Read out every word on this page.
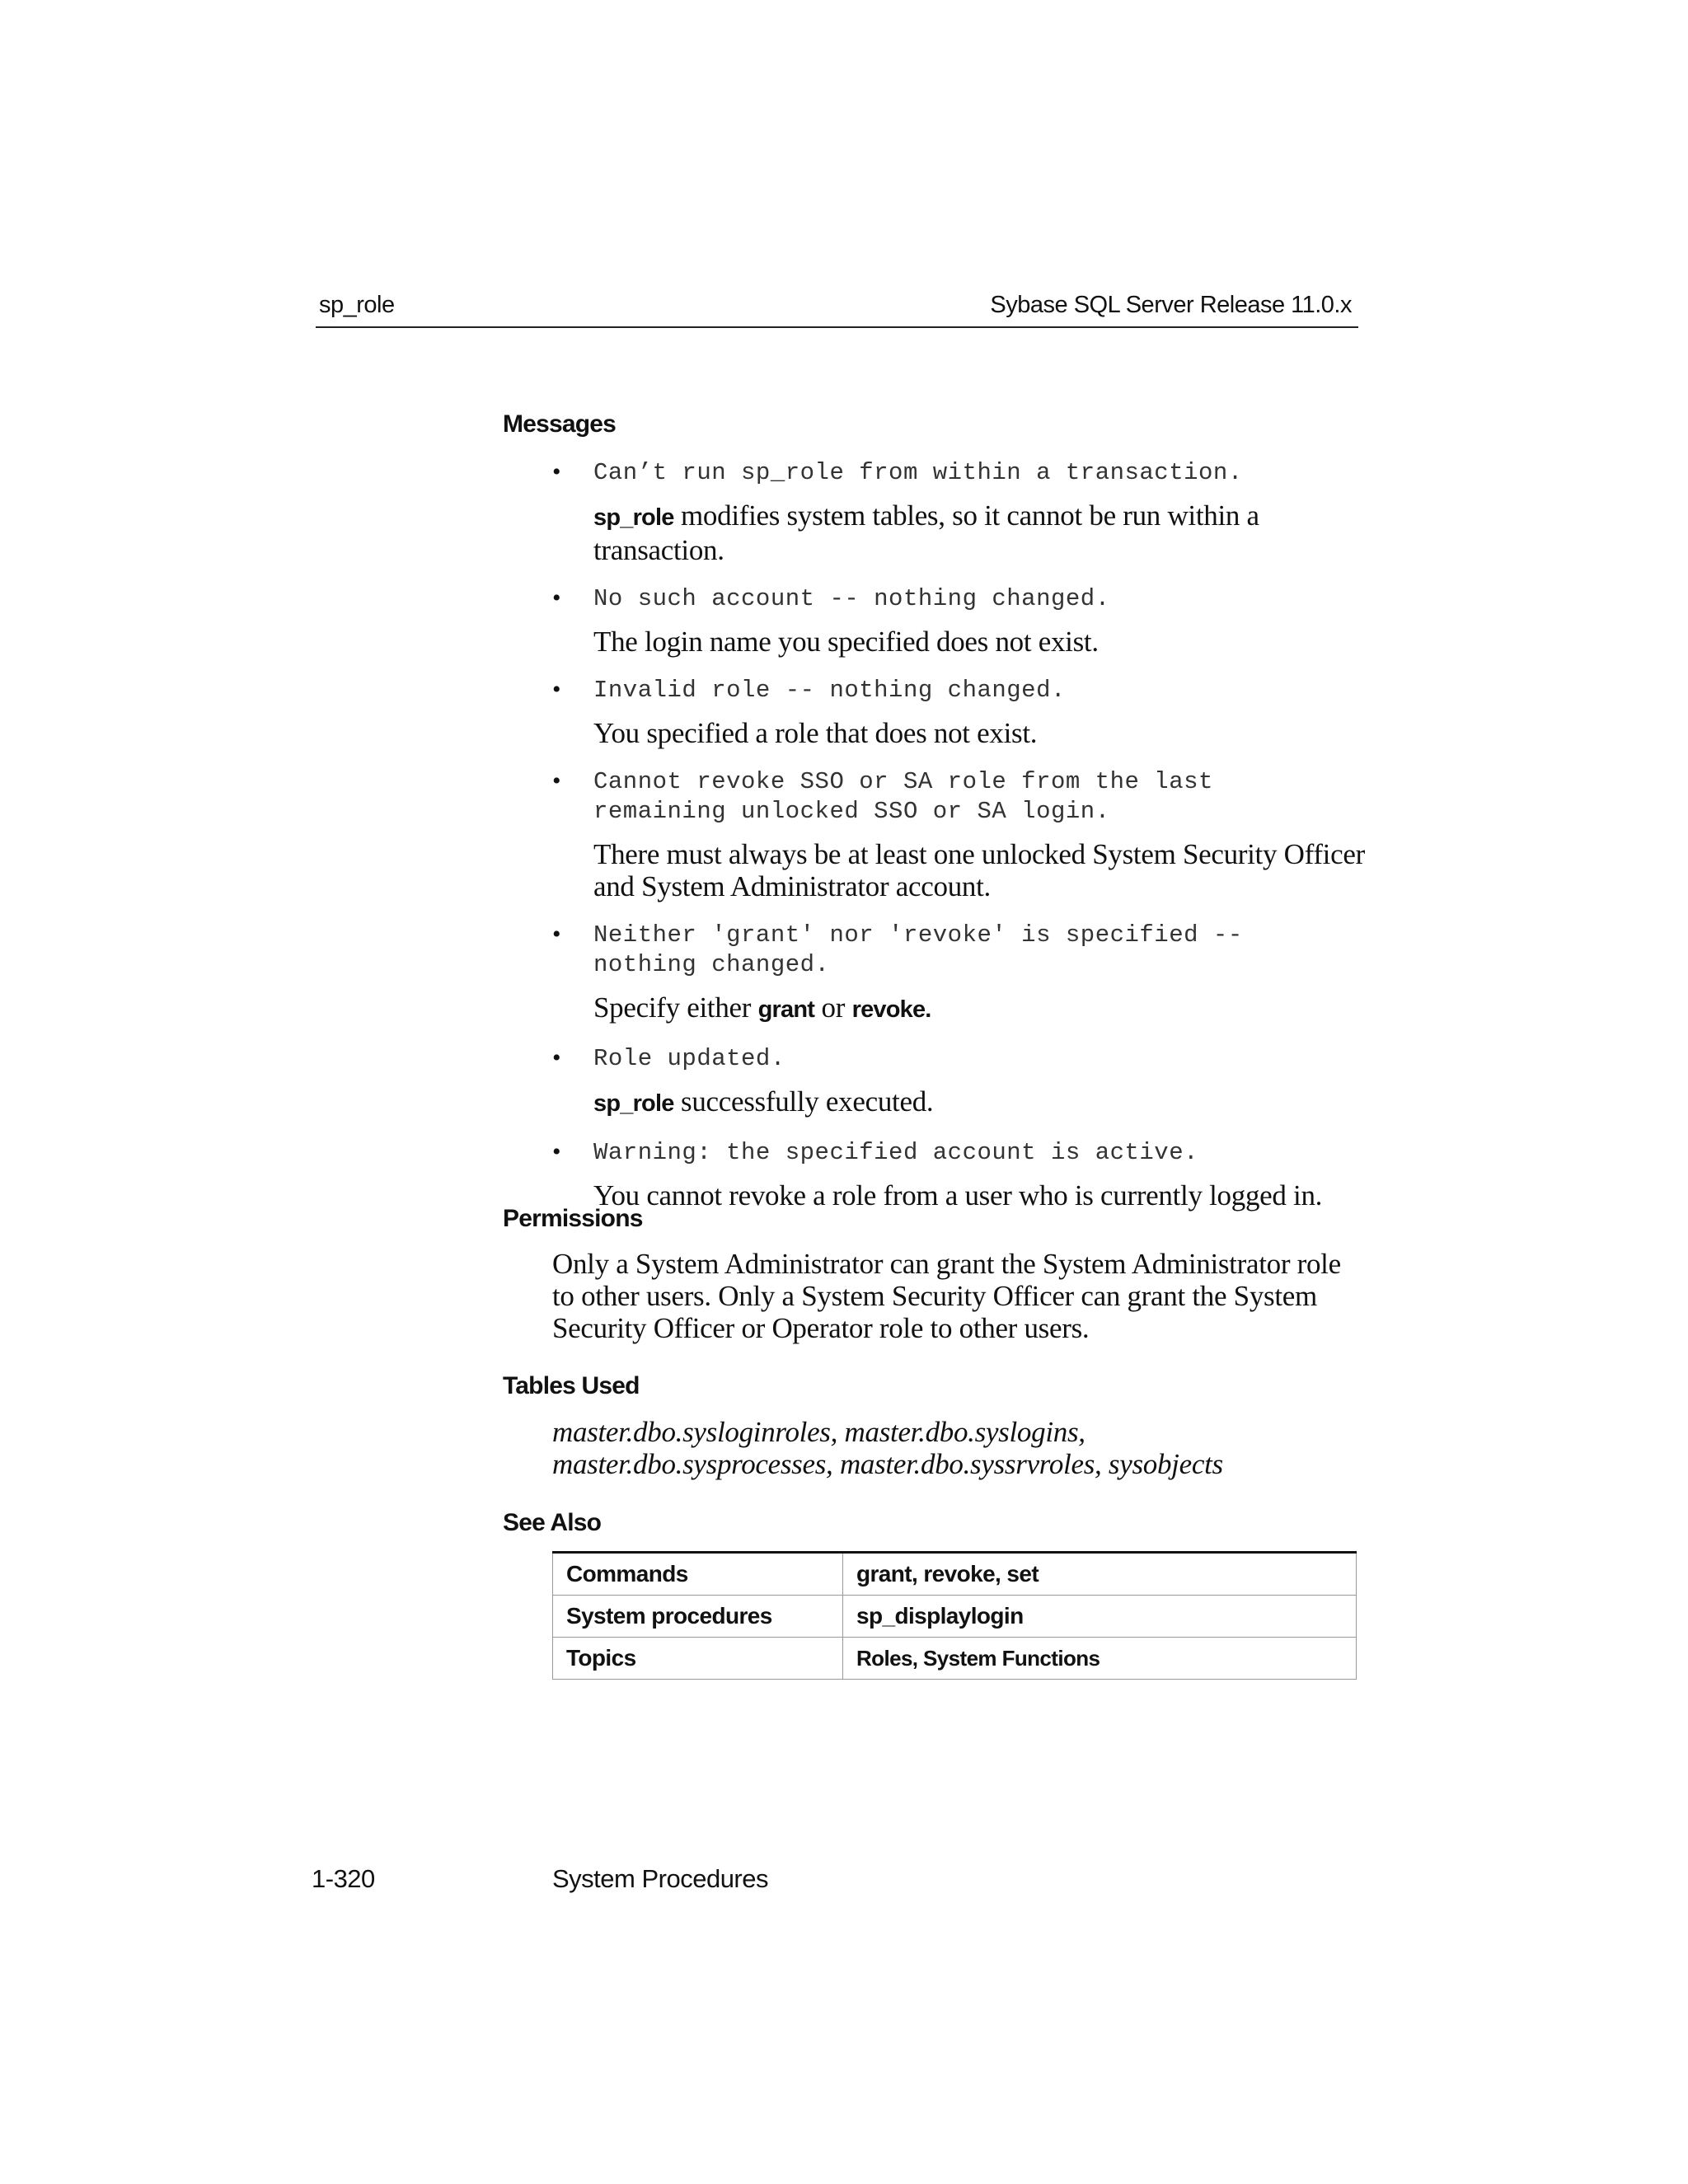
sp_role	Sybase SQL Server Release 11.0.x
Messages
• Can’t run sp_role from within a transaction.
sp_role modifies system tables, so it cannot be run within a transaction.
• No such account -- nothing changed.
The login name you specified does not exist.
• Invalid role -- nothing changed.
You specified a role that does not exist.
• Cannot revoke SSO or SA role from the last
remaining unlocked SSO or SA login.
There must always be at least one unlocked System Security Officer and System Administrator account.
• Neither 'grant' nor 'revoke' is specified --
nothing changed.
Specify either grant or revoke.
• Role updated.
sp_role successfully executed.
• Warning: the specified account is active.
You cannot revoke a role from a user who is currently logged in.
Permissions
Only a System Administrator can grant the System Administrator role to other users. Only a System Security Officer can grant the System Security Officer or Operator role to other users.
Tables Used
master.dbo.sysloginroles, master.dbo.syslogins, master.dbo.sysprocesses, master.dbo.syssrvroles, sysobjects
See Also
Commands	grant, revoke, set
System procedures	sp_displaylogin
Topics	Roles, System Functions
1-320	System Procedures
